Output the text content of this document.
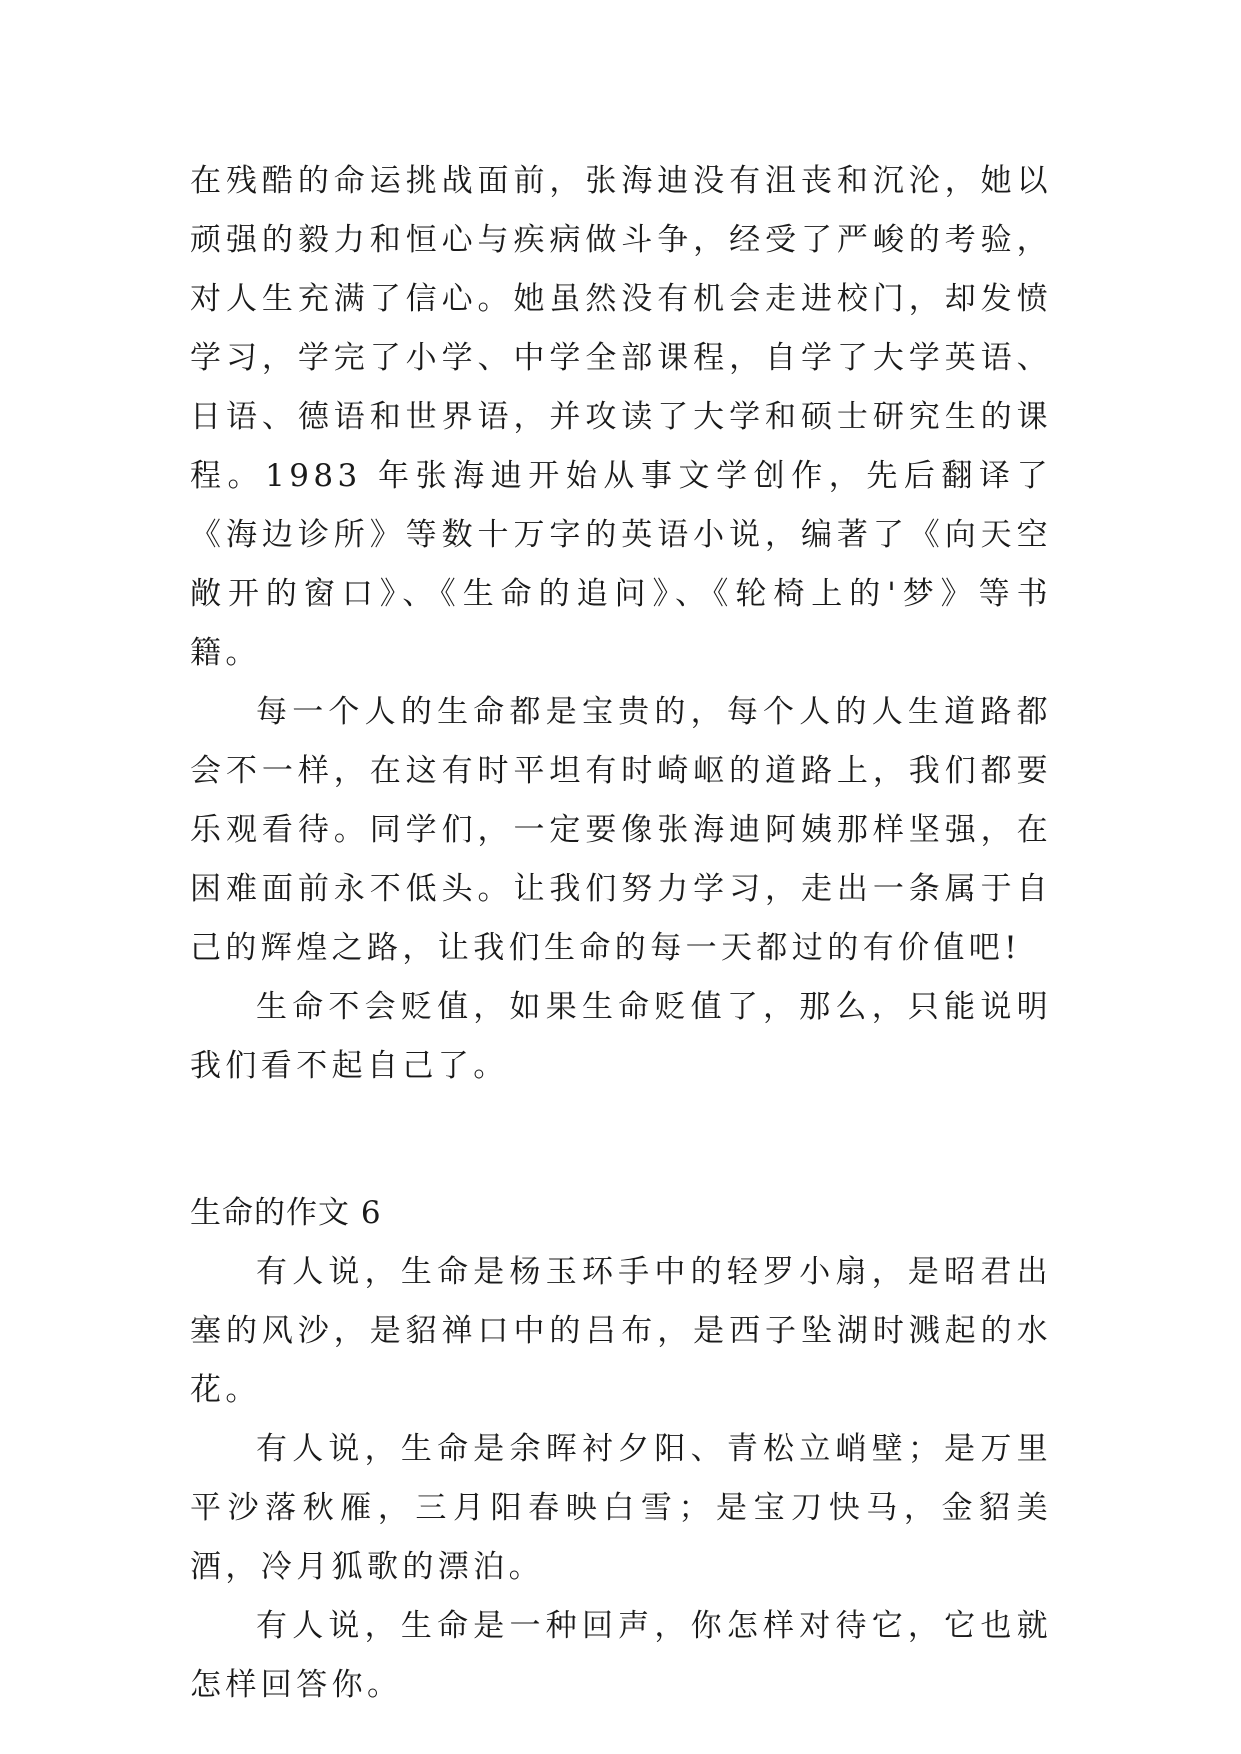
在残酷的命运挑战面前，张海迪没有沮丧和沉沦，她以顽强的毅力和恒心与疾病做斗争，经受了严峻的考验，对人生充满了信心。她虽然没有机会走进校门，却发愤学习，学完了小学、中学全部课程，自学了大学英语、日语、德语和世界语，并攻读了大学和硕士研究生的课程。1983 年张海迪开始从事文学创作，先后翻译了《海边诊所》等数十万字的英语小说，编著了《向天空敞开的窗口》、《生命的追问》、《轮椅上的'梦》等书籍。

每一个人的生命都是宝贵的，每个人的人生道路都会不一样，在这有时平坦有时崎岖的道路上，我们都要乐观看待。同学们，一定要像张海迪阿姨那样坚强，在困难面前永不低头。让我们努力学习，走出一条属于自己的辉煌之路，让我们生命的每一天都过的有价值吧!

生命不会贬值，如果生命贬值了，那么，只能说明我们看不起自己了。

生命的作文 6

有人说，生命是杨玉环手中的轻罗小扇，是昭君出塞的风沙，是貂禅口中的吕布，是西子坠湖时溅起的水花。

有人说，生命是余晖衬夕阳、青松立峭壁；是万里平沙落秋雁，三月阳春映白雪；是宝刀快马，金貂美酒，冷月狐歌的漂泊。

有人说，生命是一种回声，你怎样对待它，它也就怎样回答你。
